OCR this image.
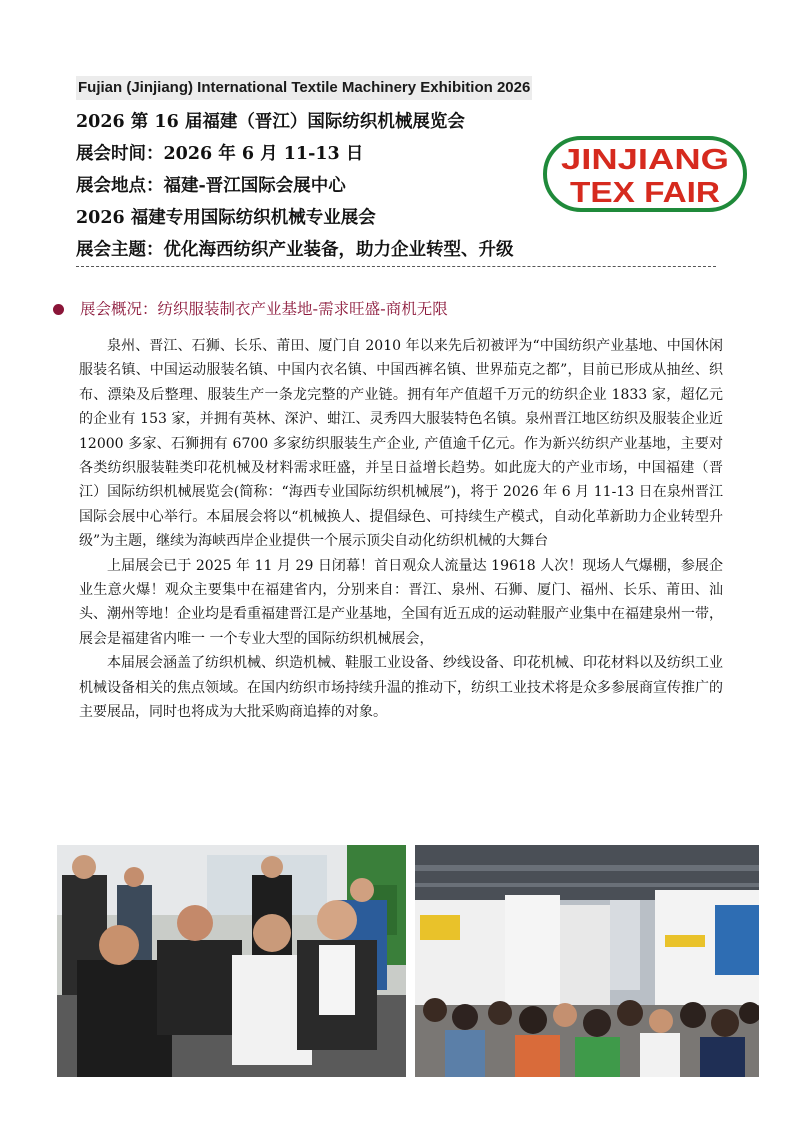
Fujian (Jinjiang) International Textile Machinery Exhibition 2026
2026 第 16 届福建（晋江）国际纺织机械展览会
展会时间：2026 年 6 月 11-13 日
展会地点：福建-晋江国际会展中心
2026 福建专用国际纺织机械专业展会
展会主题：优化海西纺织产业装备，助力企业转型、升级
JINJIANG
TEX FAIR
展会概况：纺织服装制衣产业基地-需求旺盛-商机无限

泉州、晋江、石狮、长乐、莆田、厦门自 2010 年以来先后初被评为“中国纺织产业基地、中国休闲服装名镇、中国运动服装名镇、中国内衣名镇、中国西裤名镇、世界茄克之都”，目前已形成从抽丝、织布、漂染及后整理、服装生产一条龙完整的产业链。拥有年产值超千万元的纺织企业 1833 家，超亿元的企业有 153 家，并拥有英林、深沪、蚶江、灵秀四大服装特色名镇。泉州晋江地区纺织及服装企业近 12000 多家、石狮拥有 6700 多家纺织服装生产企业, 产值逾千亿元。作为新兴纺织产业基地，主要对各类纺织服装鞋类印花机械及材料需求旺盛，并呈日益增长趋势。如此庞大的产业市场，中国福建（晋江）国际纺织机械展览会(简称：“海西专业国际纺织机械展”)，将于 2026 年 6 月 11-13 日在泉州晋江国际会展中心举行。本届展会将以“机械换人、提倡绿色、可持续生产模式，自动化革新助力企业转型升级”为主题，继续为海峡西岸企业提供一个展示顶尖自动化纺织机械的大舞台

上届展会已于 2025 年 11 月 29 日闭幕！首日观众人流量达 19618 人次！现场人气爆棚，参展企业生意火爆！观众主要集中在福建省内，分别来自：晋江、泉州、石狮、厦门、福州、长乐、莆田、汕头、潮州等地！企业均是看重福建晋江是产业基地，全国有近五成的运动鞋服产业集中在福建泉州一带，展会是福建省内唯一 一个专业大型的国际纺织机械展会，

本届展会涵盖了纺织机械、织造机械、鞋服工业设备、纱线设备、印花机械、印花材料以及纺织工业机械设备相关的焦点领域。在国内纺织市场持续升温的推动下，纺织工业技术将是众多参展商宣传推广的主要展品，同时也将成为大批采购商追捧的对象。
